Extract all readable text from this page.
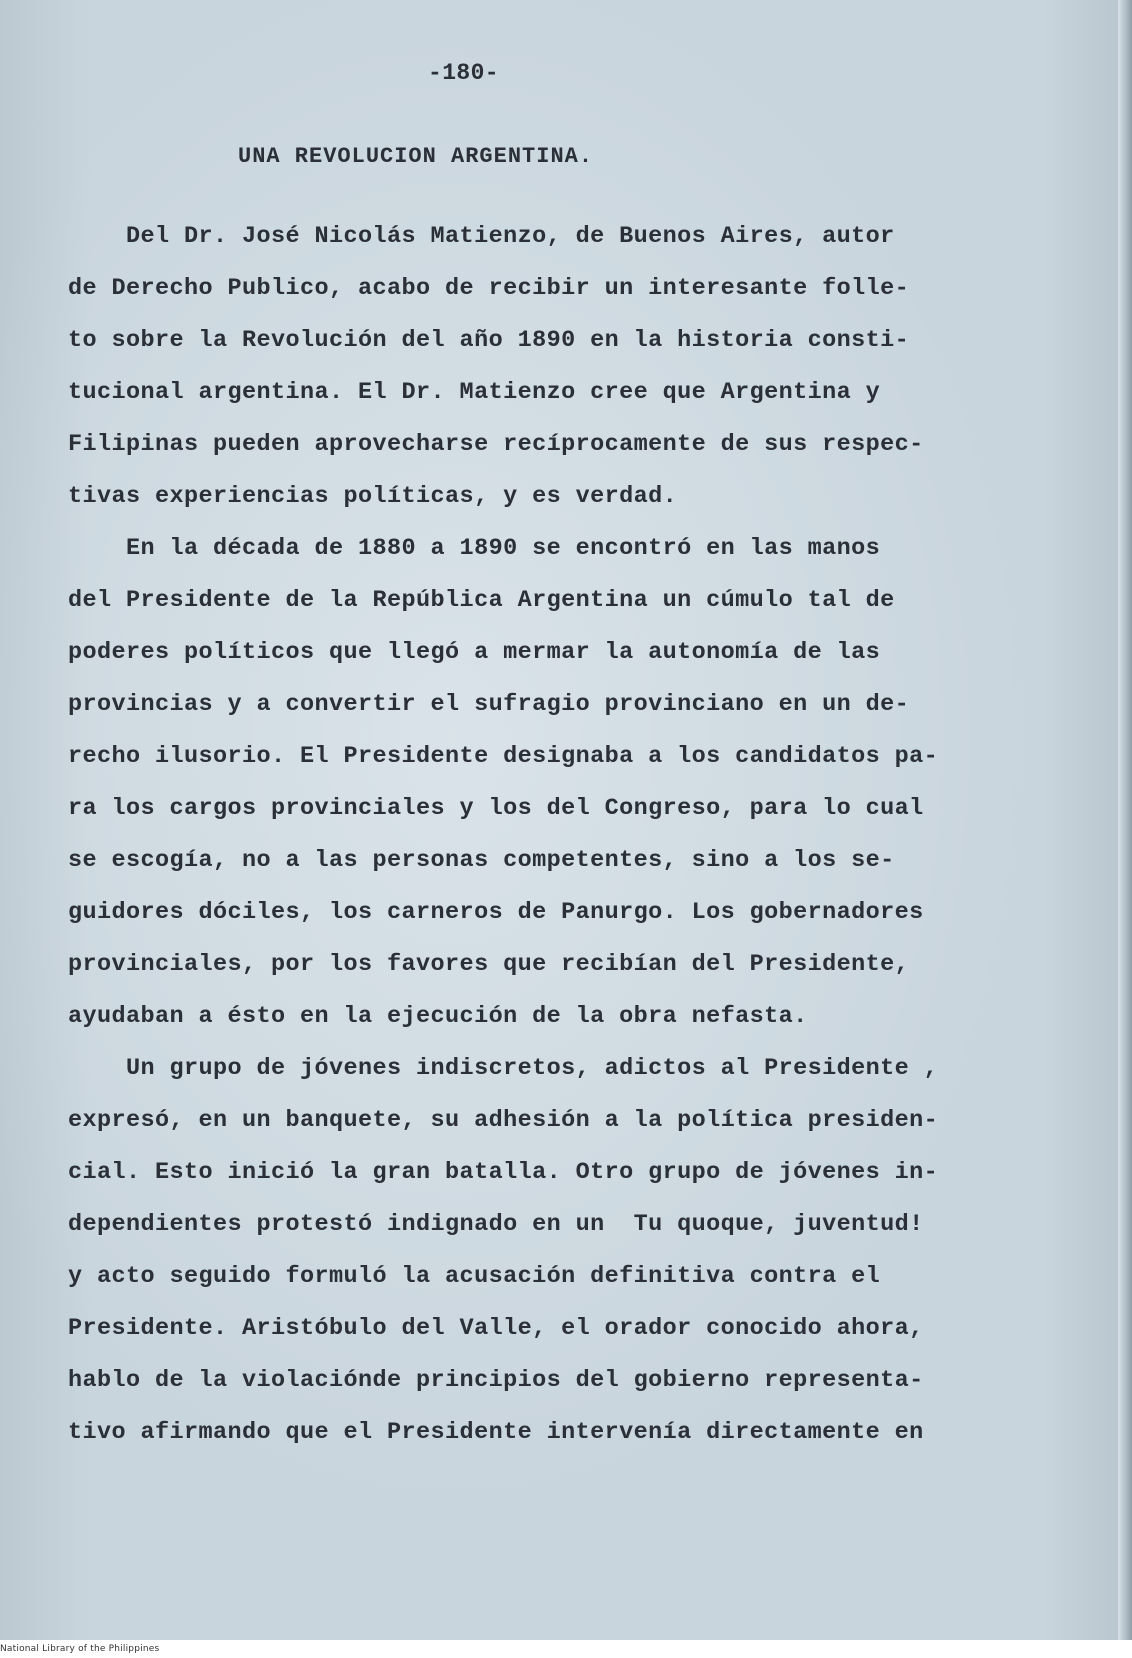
-180-
UNA REVOLUCION ARGENTINA.
Del Dr. José Nicolás Matienzo, de Buenos Aires, autor
de Derecho Publico, acabo de recibir un interesante folle-
to sobre la Revolución del año 1890 en la historia consti-
tucional argentina. El Dr. Matienzo cree que Argentina y
Filipinas pueden aprovecharse recíprocamente de sus respec-
tivas experiencias políticas, y es verdad.
En la década de 1880 a 1890 se encontró en las manos
del Presidente de la República Argentina un cúmulo tal de
poderes políticos que llegó a mermar la autonomía de las
provincias y a convertir el sufragio provinciano en un de-
recho ilusorio. El Presidente designaba a los candidatos pa-
ra los cargos provinciales y los del Congreso, para lo cual
se escogía, no a las personas competentes, sino a los se-
guidores dóciles, los carneros de Panurgo. Los gobernadores
provinciales, por los favores que recibían del Presidente,
ayudaban a ésto en la ejecución de la obra nefasta.
Un grupo de jóvenes indiscretos, adictos al Presidente ,
expresó, en un banquete, su adhesión a la política presiden-
cial. Esto inició la gran batalla. Otro grupo de jóvenes in-
dependientes protestó indignado en un  Tu quoque, juventud!
y acto seguido formuló la acusación definitiva contra el
Presidente. Aristóbulo del Valle, el orador conocido ahora,
hablo de la violaciónde principios del gobierno representa-
tivo afirmando que el Presidente intervenía directamente en
National Library of the Philippines
